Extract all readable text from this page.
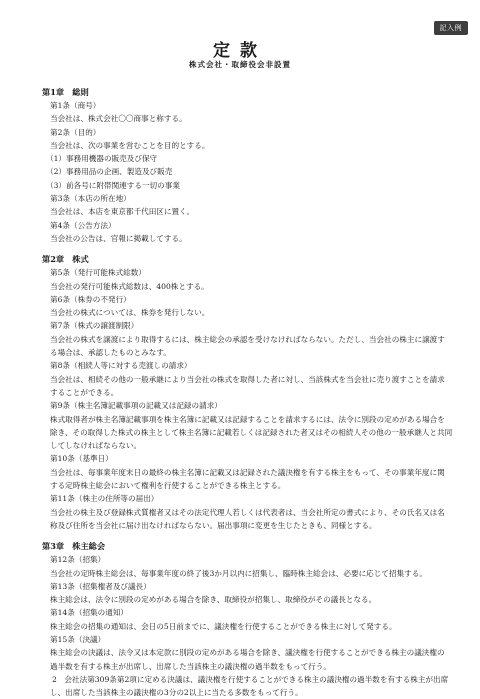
記入例
定款
株式会社・取締役会非設置
第1章　総則
第1条（商号）
当会社は、株式会社〇〇商事と称する。
第2条（目的）
当会社は、次の事業を営むことを目的とする。
（1）事務用機器の販売及び保守
（2）事務用品の企画、製造及び販売
（3）前各号に附帯関連する一切の事業
第3条（本店の所在地）
当会社は、本店を東京都千代田区に置く。
第4条（公告方法）
当会社の公告は、官報に掲載してする。
第2章　株式
第5条（発行可能株式総数）
当会社の発行可能株式総数は、400株とする。
第6条（株券の不発行）
当会社の株式については、株券を発行しない。
第7条（株式の譲渡制限）
当会社の株式を譲渡により取得するには、株主総会の承認を受けなければならない。ただし、当会社の株主に譲渡す
る場合は、承認したものとみなす。
第8条（相続人等に対する売渡しの請求）
当会社は、相続その他の一般承継により当会社の株式を取得した者に対し、当該株式を当会社に売り渡すことを請求
することができる。
第9条（株主名簿記載事項の記載又は記録の請求）
株式取得者が株主名簿記載事項を株主名簿に記載又は記録することを請求するには、法令に別段の定めがある場合を
除き、その取得した株式の株主として株主名簿に記載若しくは記録された者又はその相続人その他の一般承継人と共同
してしなければならない。
第10条（基準日）
当会社は、毎事業年度末日の最終の株主名簿に記載又は記録された議決権を有する株主をもって、その事業年度に関
する定時株主総会において権利を行使することができる株主とする。
第11条（株主の住所等の届出）
当会社の株主及び登録株式質権者又はその法定代理人若しくは代表者は、当会社所定の書式により、その氏名又は名
称及び住所を当会社に届け出なければならない。届出事項に変更を生じたときも、同様とする。
第3章　株主総会
第12条（招集）
当会社の定時株主総会は、毎事業年度の終了後3か月以内に招集し、臨時株主総会は、必要に応じて招集する。
第13条（招集権者及び議長）
株主総会は、法令に別段の定めがある場合を除き、取締役が招集し、取締役がその議長となる。
第14条（招集の通知）
株主総会の招集の通知は、会日の5日前までに、議決権を行使することができる株主に対して発する。
第15条（決議）
株主総会の決議は、法令又は本定款に別段の定めがある場合を除き、議決権を行使することができる株主の議決権の
過半数を有する株主が出席し、出席した当該株主の議決権の過半数をもって行う。
2　会社法第309条第2項に定める決議は、議決権を行使することができる株主の議決権の過半数を有する株主が出席
し、出席した当該株主の議決権の3分の2以上に当たる多数をもって行う。
